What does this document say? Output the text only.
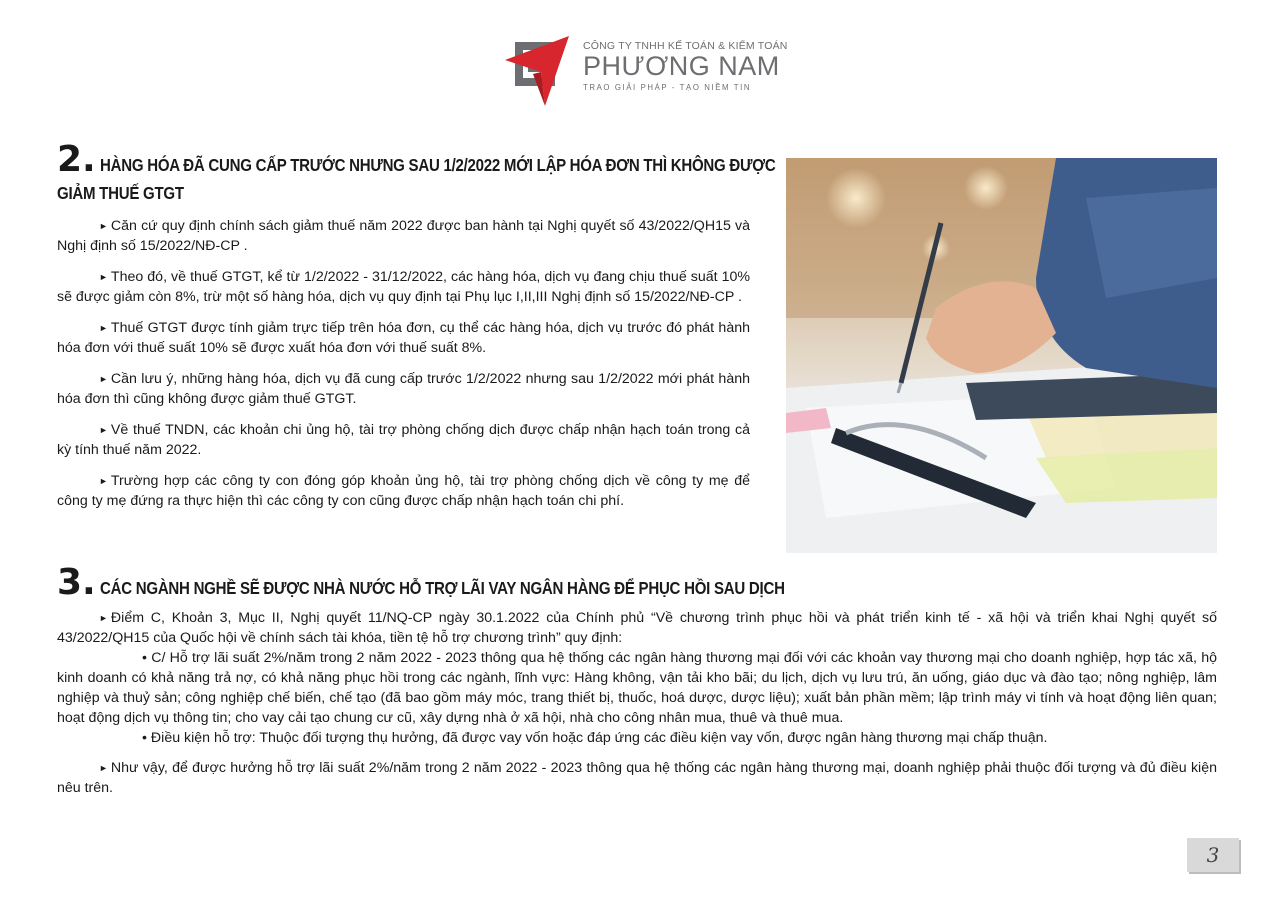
CÔNG TY TNHH KẾ TOÁN & KIỂM TOÁN
PHƯƠNG NAM
TRAO GIẢI PHÁP - TẠO NIỀM TIN
2. HÀNG HÓA ĐÃ CUNG CẤP TRƯỚC NHƯNG SAU 1/2/2022 MỚI LẬP HÓA ĐƠN THÌ KHÔNG ĐƯỢC
GIẢM THUẾ GTGT

► Căn cứ quy định chính sách giảm thuế năm 2022 được ban hành tại Nghị quyết số 43/2022/QH15 và Nghị định số 15/2022/NĐ-CP .

► Theo đó, về thuế GTGT, kể từ 1/2/2022 - 31/12/2022, các hàng hóa, dịch vụ đang chịu thuế suất 10% sẽ được giảm còn 8%, trừ một số hàng hóa, dịch vụ quy định tại Phụ lục I,II,III Nghị định số 15/2022/NĐ-CP .

► Thuế GTGT được tính giảm trực tiếp trên hóa đơn, cụ thể các hàng hóa, dịch vụ trước đó phát hành hóa đơn với thuế suất 10% sẽ được xuất hóa đơn với thuế suất 8%.

► Cần lưu ý, những hàng hóa, dịch vụ đã cung cấp trước 1/2/2022 nhưng sau 1/2/2022 mới phát hành hóa đơn thì cũng không được giảm thuế GTGT.

► Về thuế TNDN, các khoản chi ủng hộ, tài trợ phòng chống dịch được chấp nhận hạch toán trong cả kỳ tính thuế năm 2022.

► Trường hợp các công ty con đóng góp khoản ủng hộ, tài trợ phòng chống dịch về công ty mẹ để công ty mẹ đứng ra thực hiện thì các công ty con cũng được chấp nhận hạch toán chi phí.

3. CÁC NGÀNH NGHỀ SẼ ĐƯỢC NHÀ NƯỚC HỖ TRỢ LÃI VAY NGÂN HÀNG ĐỂ PHỤC HỒI SAU DỊCH

► Điểm C, Khoản 3, Mục II, Nghị quyết 11/NQ-CP ngày 30.1.2022 của Chính phủ “Về chương trình phục hồi và phát triển kinh tế - xã hội và triển khai Nghị quyết số 43/2022/QH15 của Quốc hội về chính sách tài khóa, tiền tệ hỗ trợ chương trình” quy định:

• C/ Hỗ trợ lãi suất 2%/năm trong 2 năm 2022 - 2023 thông qua hệ thống các ngân hàng thương mại đối với các khoản vay thương mại cho doanh nghiệp, hợp tác xã, hộ kinh doanh có khả năng trả nợ, có khả năng phục hồi trong các ngành, lĩnh vực: Hàng không, vận tải kho bãi; du lịch, dịch vụ lưu trú, ăn uống, giáo dục và đào tạo; nông nghiệp, lâm nghiệp và thuỷ sản; công nghiệp chế biến, chế tạo (đã bao gồm máy móc, trang thiết bị, thuốc, hoá dược, dược liệu); xuất bản phần mềm; lập trình máy vi tính và hoạt động liên quan; hoạt động dịch vụ thông tin; cho vay cải tạo chung cư cũ, xây dựng nhà ở xã hội, nhà cho công nhân mua, thuê và thuê mua.

• Điều kiện hỗ trợ: Thuộc đối tượng thụ hưởng, đã được vay vốn hoặc đáp ứng các điều kiện vay vốn, được ngân hàng thương mại chấp thuận.

► Như vậy, để được hưởng hỗ trợ lãi suất 2%/năm trong 2 năm 2022 - 2023 thông qua hệ thống các ngân hàng thương mại, doanh nghiệp phải thuộc đối tượng và đủ điều kiện nêu trên.

3
